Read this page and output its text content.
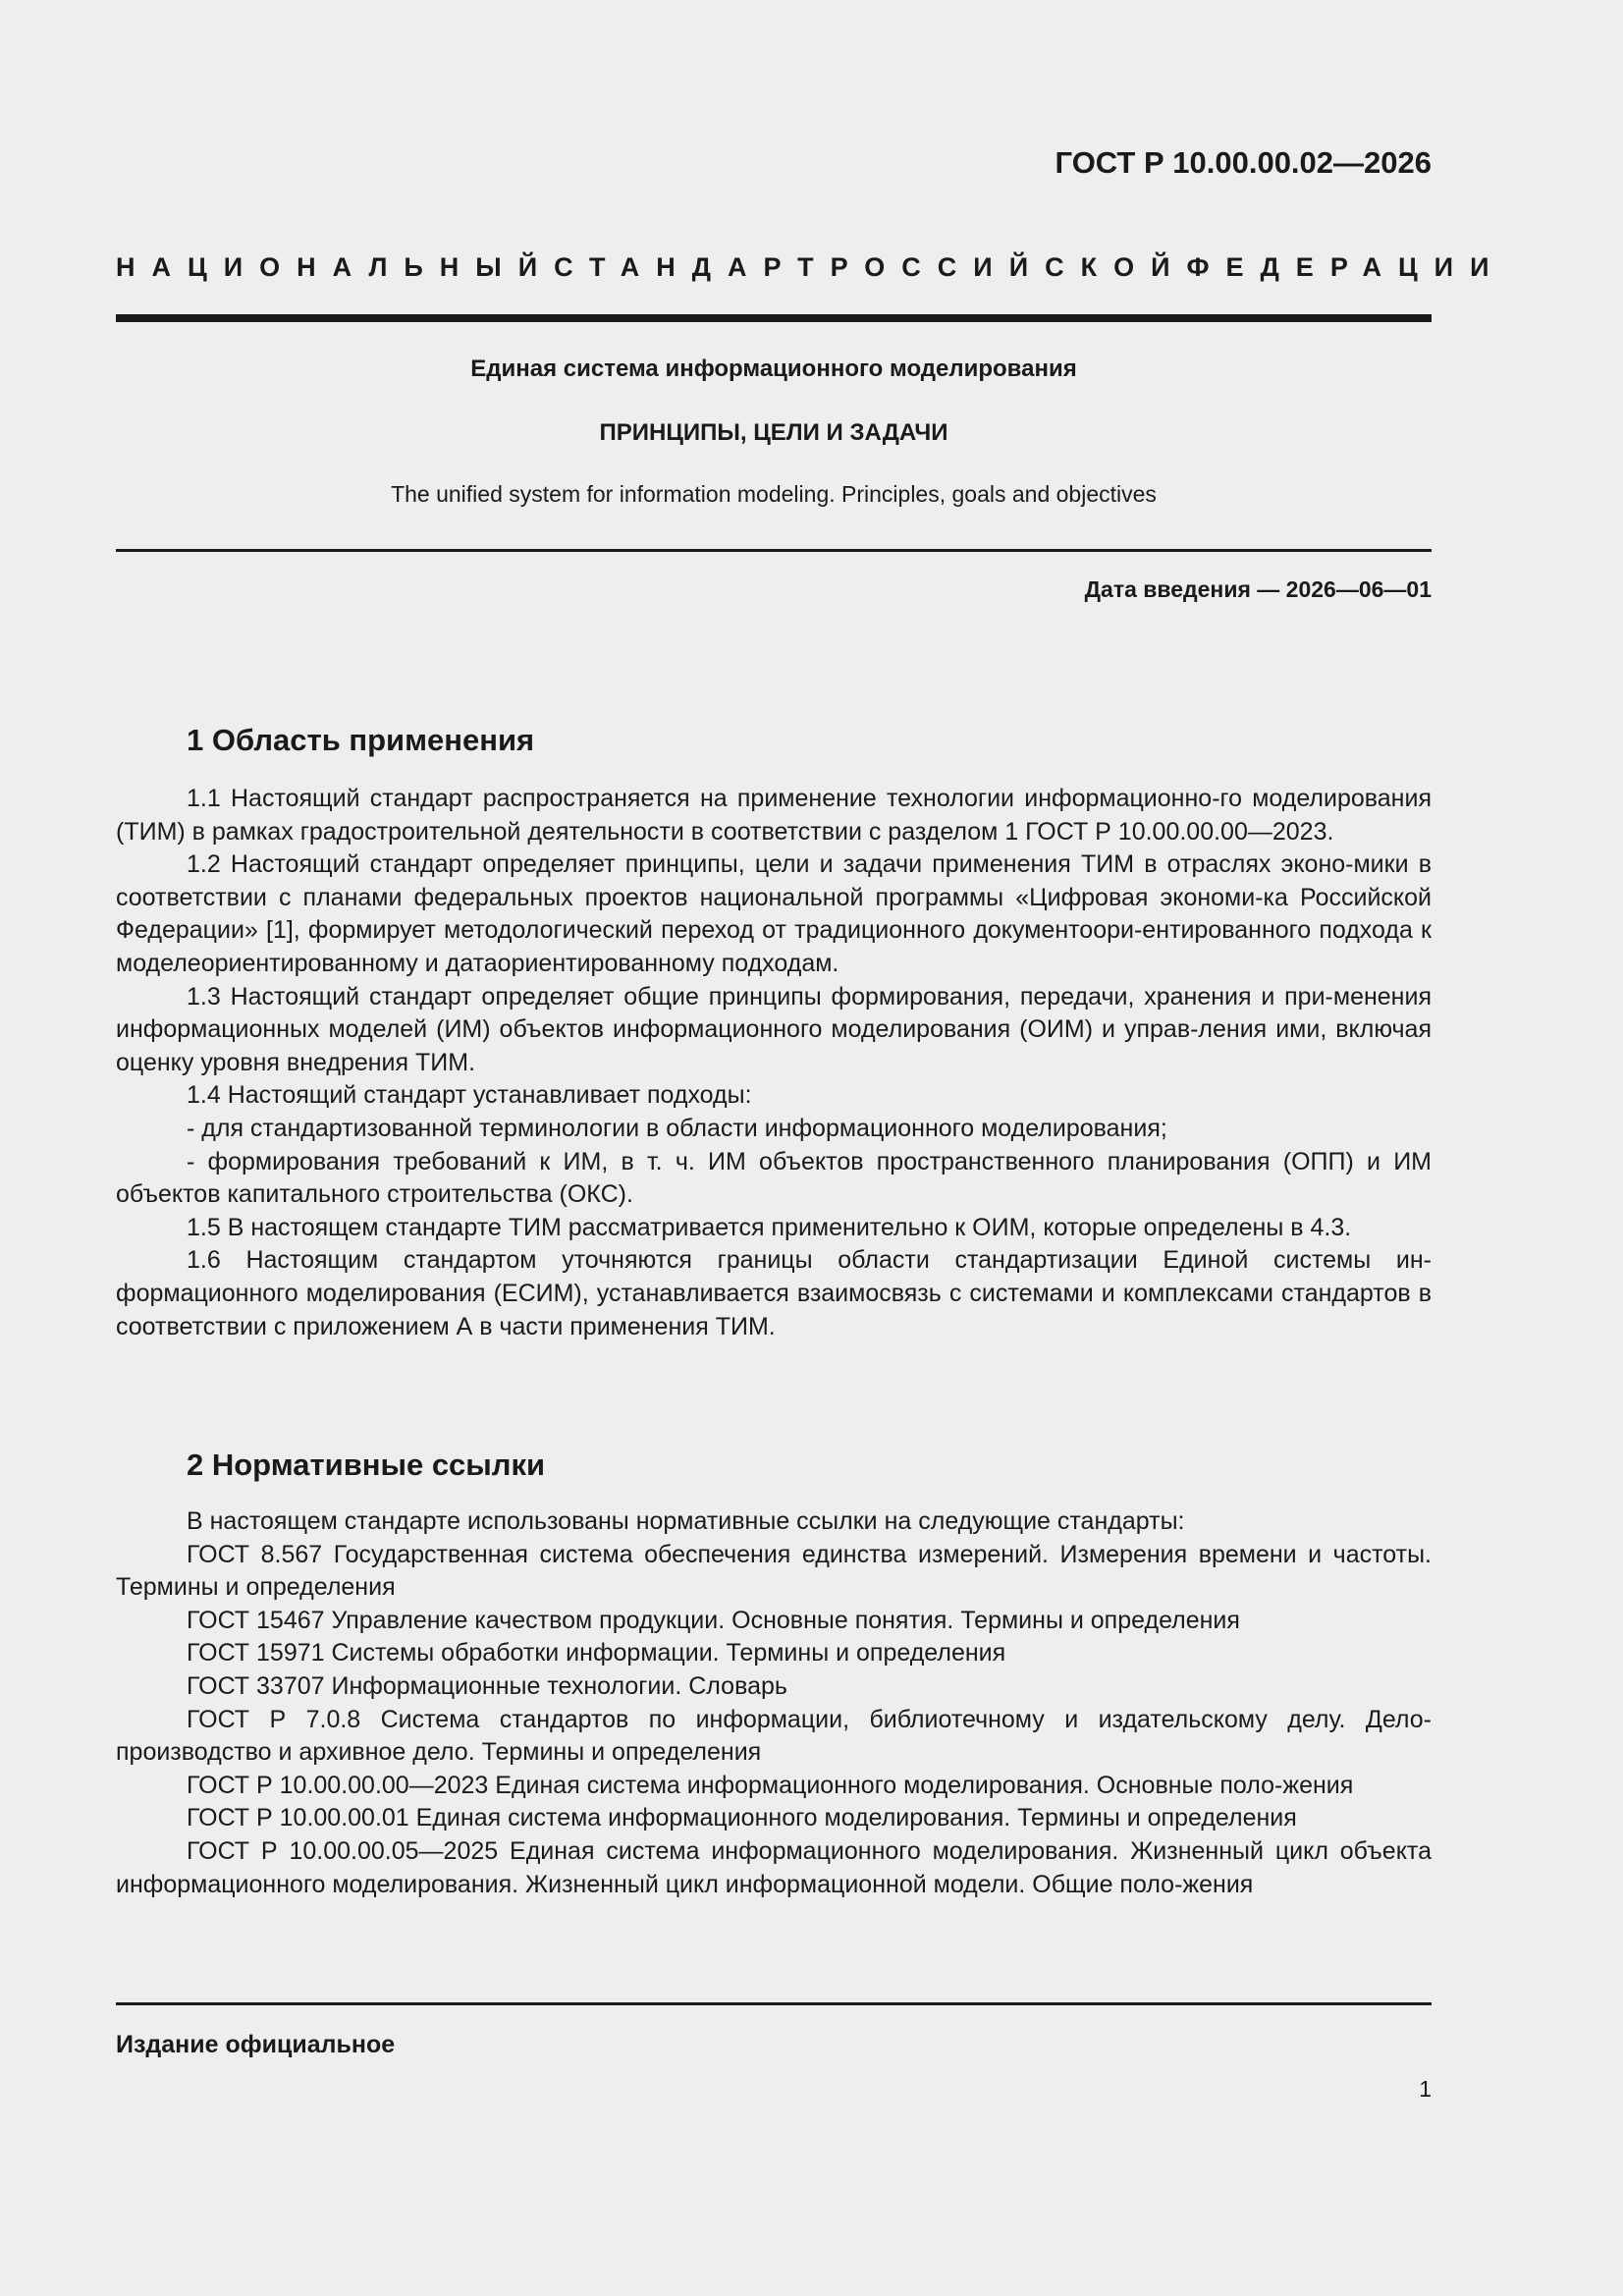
ГОСТ Р 10.00.00.02—2026
НАЦИОНАЛЬНЫЙ СТАНДАРТ РОССИЙСКОЙ ФЕДЕРАЦИИ
Единая система информационного моделирования
ПРИНЦИПЫ, ЦЕЛИ И ЗАДАЧИ
The unified system for information modeling. Principles, goals and objectives
Дата введения — 2026—06—01
1 Область применения

1.1 Настоящий стандарт распространяется на применение технологии информационно-го моделирования (ТИМ) в рамках градостроительной деятельности в соответствии с разделом 1 ГОСТ Р 10.00.00.00—2023.

1.2 Настоящий стандарт определяет принципы, цели и задачи применения ТИМ в отраслях эконо-мики в соответствии с планами федеральных проектов национальной программы «Цифровая экономи-ка Российской Федерации» [1], формирует методологический переход от традиционного документоори-ентированного подхода к моделеориентированному и датаориентированному подходам.

1.3 Настоящий стандарт определяет общие принципы формирования, передачи, хранения и при-менения информационных моделей (ИМ) объектов информационного моделирования (ОИМ) и управ-ления ими, включая оценку уровня внедрения ТИМ.

1.4 Настоящий стандарт устанавливает подходы:

- для стандартизованной терминологии в области информационного моделирования;

- формирования требований к ИМ, в т. ч. ИМ объектов пространственного планирования (ОПП) и ИМ объектов капитального строительства (ОКС).

1.5 В настоящем стандарте ТИМ рассматривается применительно к ОИМ, которые определены в 4.3.

1.6 Настоящим стандартом уточняются границы области стандартизации Единой системы ин-формационного моделирования (ЕСИМ), устанавливается взаимосвязь с системами и комплексами стандартов в соответствии с приложением А в части применения ТИМ.

2 Нормативные ссылки

В настоящем стандарте использованы нормативные ссылки на следующие стандарты:

ГОСТ 8.567 Государственная система обеспечения единства измерений. Измерения времени и частоты. Термины и определения

ГОСТ 15467 Управление качеством продукции. Основные понятия. Термины и определения

ГОСТ 15971 Системы обработки информации. Термины и определения

ГОСТ 33707 Информационные технологии. Словарь

ГОСТ Р 7.0.8 Система стандартов по информации, библиотечному и издательскому делу. Дело-производство и архивное дело. Термины и определения

ГОСТ Р 10.00.00.00—2023 Единая система информационного моделирования. Основные поло-жения

ГОСТ Р 10.00.00.01 Единая система информационного моделирования. Термины и определения

ГОСТ Р 10.00.00.05—2025 Единая система информационного моделирования. Жизненный цикл объекта информационного моделирования. Жизненный цикл информационной модели. Общие поло-жения

Издание официальное
1
